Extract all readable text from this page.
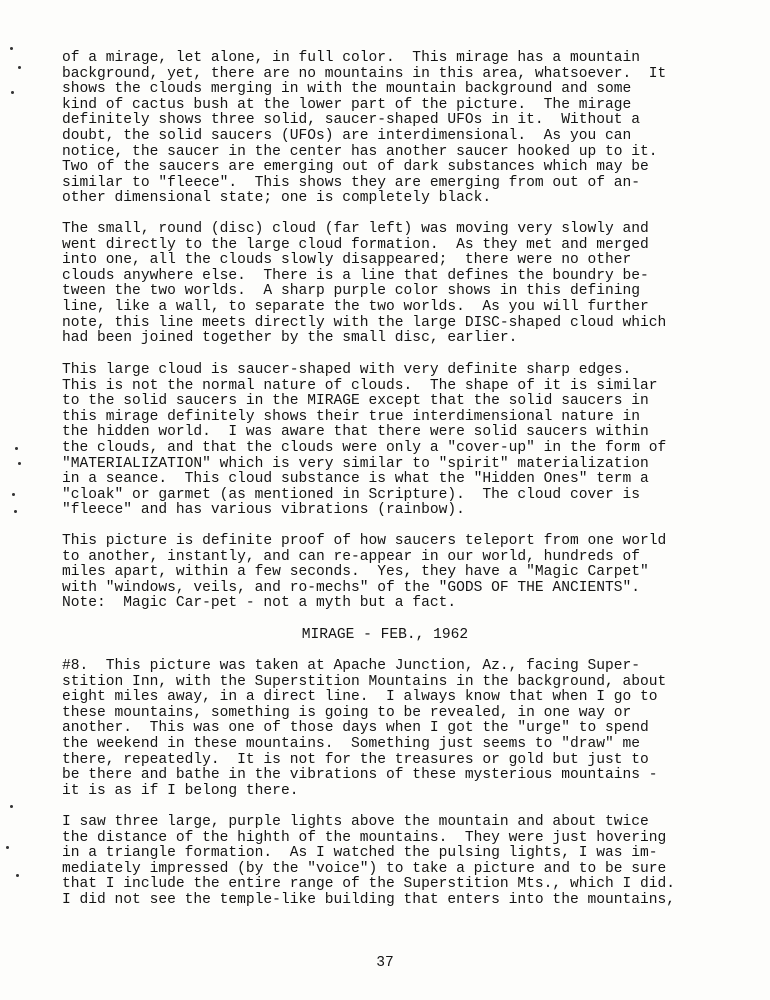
37
of a mirage, let alone, in full color.  This mirage has a mountain
background, yet, there are no mountains in this area, whatsoever.  It
shows the clouds merging in with the mountain background and some
kind of cactus bush at the lower part of the picture.  The mirage
definitely shows three solid, saucer-shaped UFOs in it.  Without a
doubt, the solid saucers (UFOs) are interdimensional.  As you can
notice, the saucer in the center has another saucer hooked up to it.
Two of the saucers are emerging out of dark substances which may be
similar to "fleece".  This shows they are emerging from out of an-
other dimensional state; one is completely black.
The small, round (disc) cloud (far left) was moving very slowly and
went directly to the large cloud formation.  As they met and merged
into one, all the clouds slowly disappeared;  there were no other
clouds anywhere else.  There is a line that defines the boundry be-
tween the two worlds.  A sharp purple color shows in this defining
line, like a wall, to separate the two worlds.  As you will further
note, this line meets directly with the large DISC-shaped cloud which
had been joined together by the small disc, earlier.
This large cloud is saucer-shaped with very definite sharp edges.
This is not the normal nature of clouds.  The shape of it is similar
to the solid saucers in the MIRAGE except that the solid saucers in
this mirage definitely shows their true interdimensional nature in
the hidden world.  I was aware that there were solid saucers within
the clouds, and that the clouds were only a "cover-up" in the form of
"MATERIALIZATION" which is very similar to "spirit" materialization
in a seance.  This cloud substance is what the "Hidden Ones" term a
"cloak" or garmet (as mentioned in Scripture).  The cloud cover is
"fleece" and has various vibrations (rainbow).
This picture is definite proof of how saucers teleport from one world
to another, instantly, and can re-appear in our world, hundreds of
miles apart, within a few seconds.  Yes, they have a "Magic Carpet"
with "windows, veils, and ro-mechs" of the "GODS OF THE ANCIENTS".
Note:  Magic Car-pet - not a myth but a fact.
MIRAGE - FEB., 1962
#8.  This picture was taken at Apache Junction, Az., facing Super-
stition Inn, with the Superstition Mountains in the background, about
eight miles away, in a direct line.  I always know that when I go to
these mountains, something is going to be revealed, in one way or
another.  This was one of those days when I got the "urge" to spend
the weekend in these mountains.  Something just seems to "draw" me
there, repeatedly.  It is not for the treasures or gold but just to
be there and bathe in the vibrations of these mysterious mountains -
it is as if I belong there.
I saw three large, purple lights above the mountain and about twice
the distance of the highth of the mountains.  They were just hovering
in a triangle formation.  As I watched the pulsing lights, I was im-
mediately impressed (by the "voice") to take a picture and to be sure
that I include the entire range of the Superstition Mts., which I did.
I did not see the temple-like building that enters into the mountains,
